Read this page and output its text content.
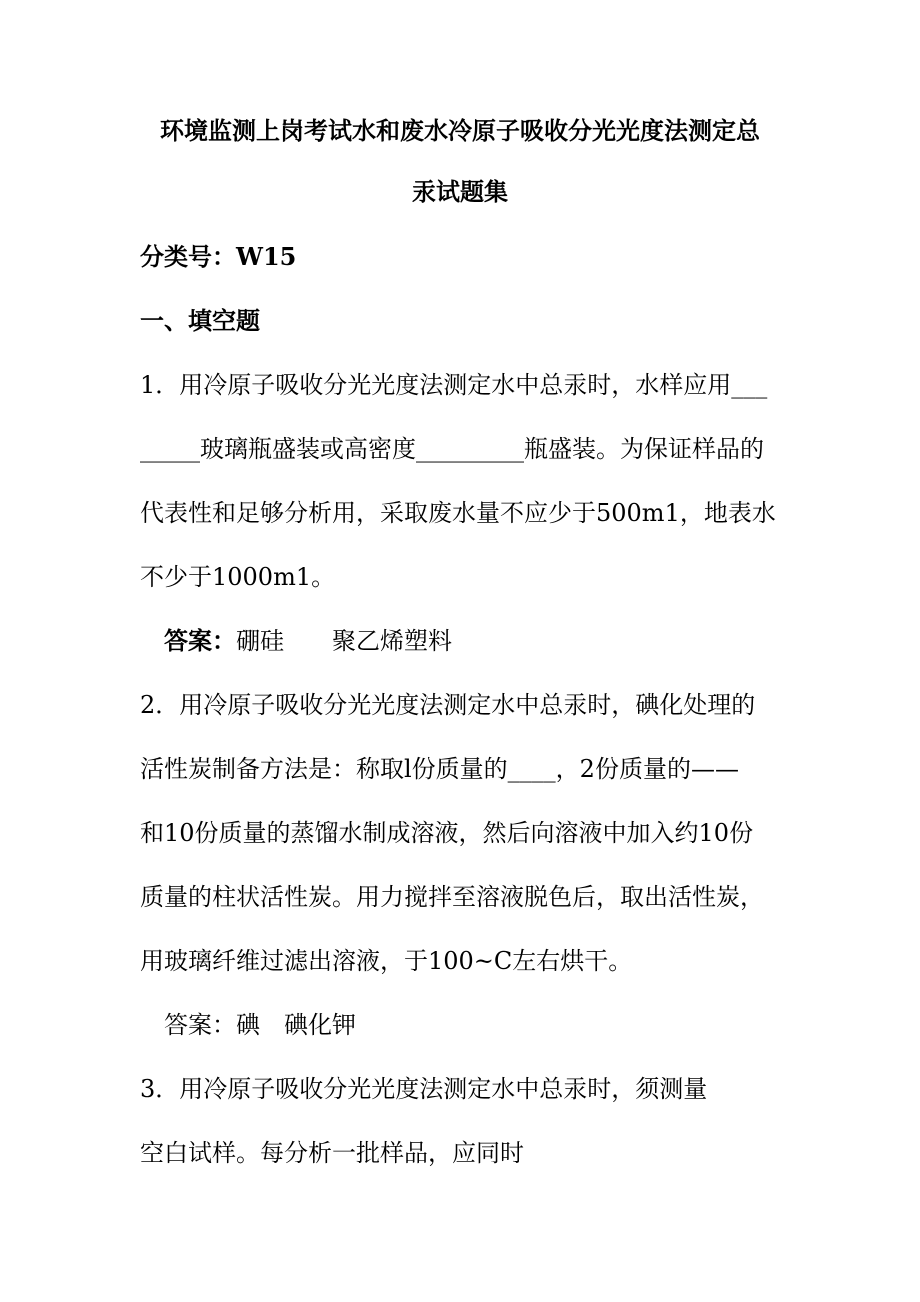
环境监测上岗考试水和废水冷原子吸收分光光度法测定总
汞试题集
分类号：W15
一、填空题
1．用冷原子吸收分光光度法测定水中总汞时，水样应用___
_____玻璃瓶盛装或高密度_________瓶盛装。为保证样品的
代表性和足够分析用，采取废水量不应少于500m1，地表水
不少于1000m1。
答案：硼硅　　聚乙烯塑料
2．用冷原子吸收分光光度法测定水中总汞时，碘化处理的
活性炭制备方法是：称取l份质量的____，2份质量的——
和10份质量的蒸馏水制成溶液，然后向溶液中加入约10份
质量的柱状活性炭。用力搅拌至溶液脱色后，取出活性炭，
用玻璃纤维过滤出溶液，于100~C左右烘干。
答案：碘　碘化钾
3．用冷原子吸收分光光度法测定水中总汞时，须测量
空白试样。每分析一批样品，应同时
